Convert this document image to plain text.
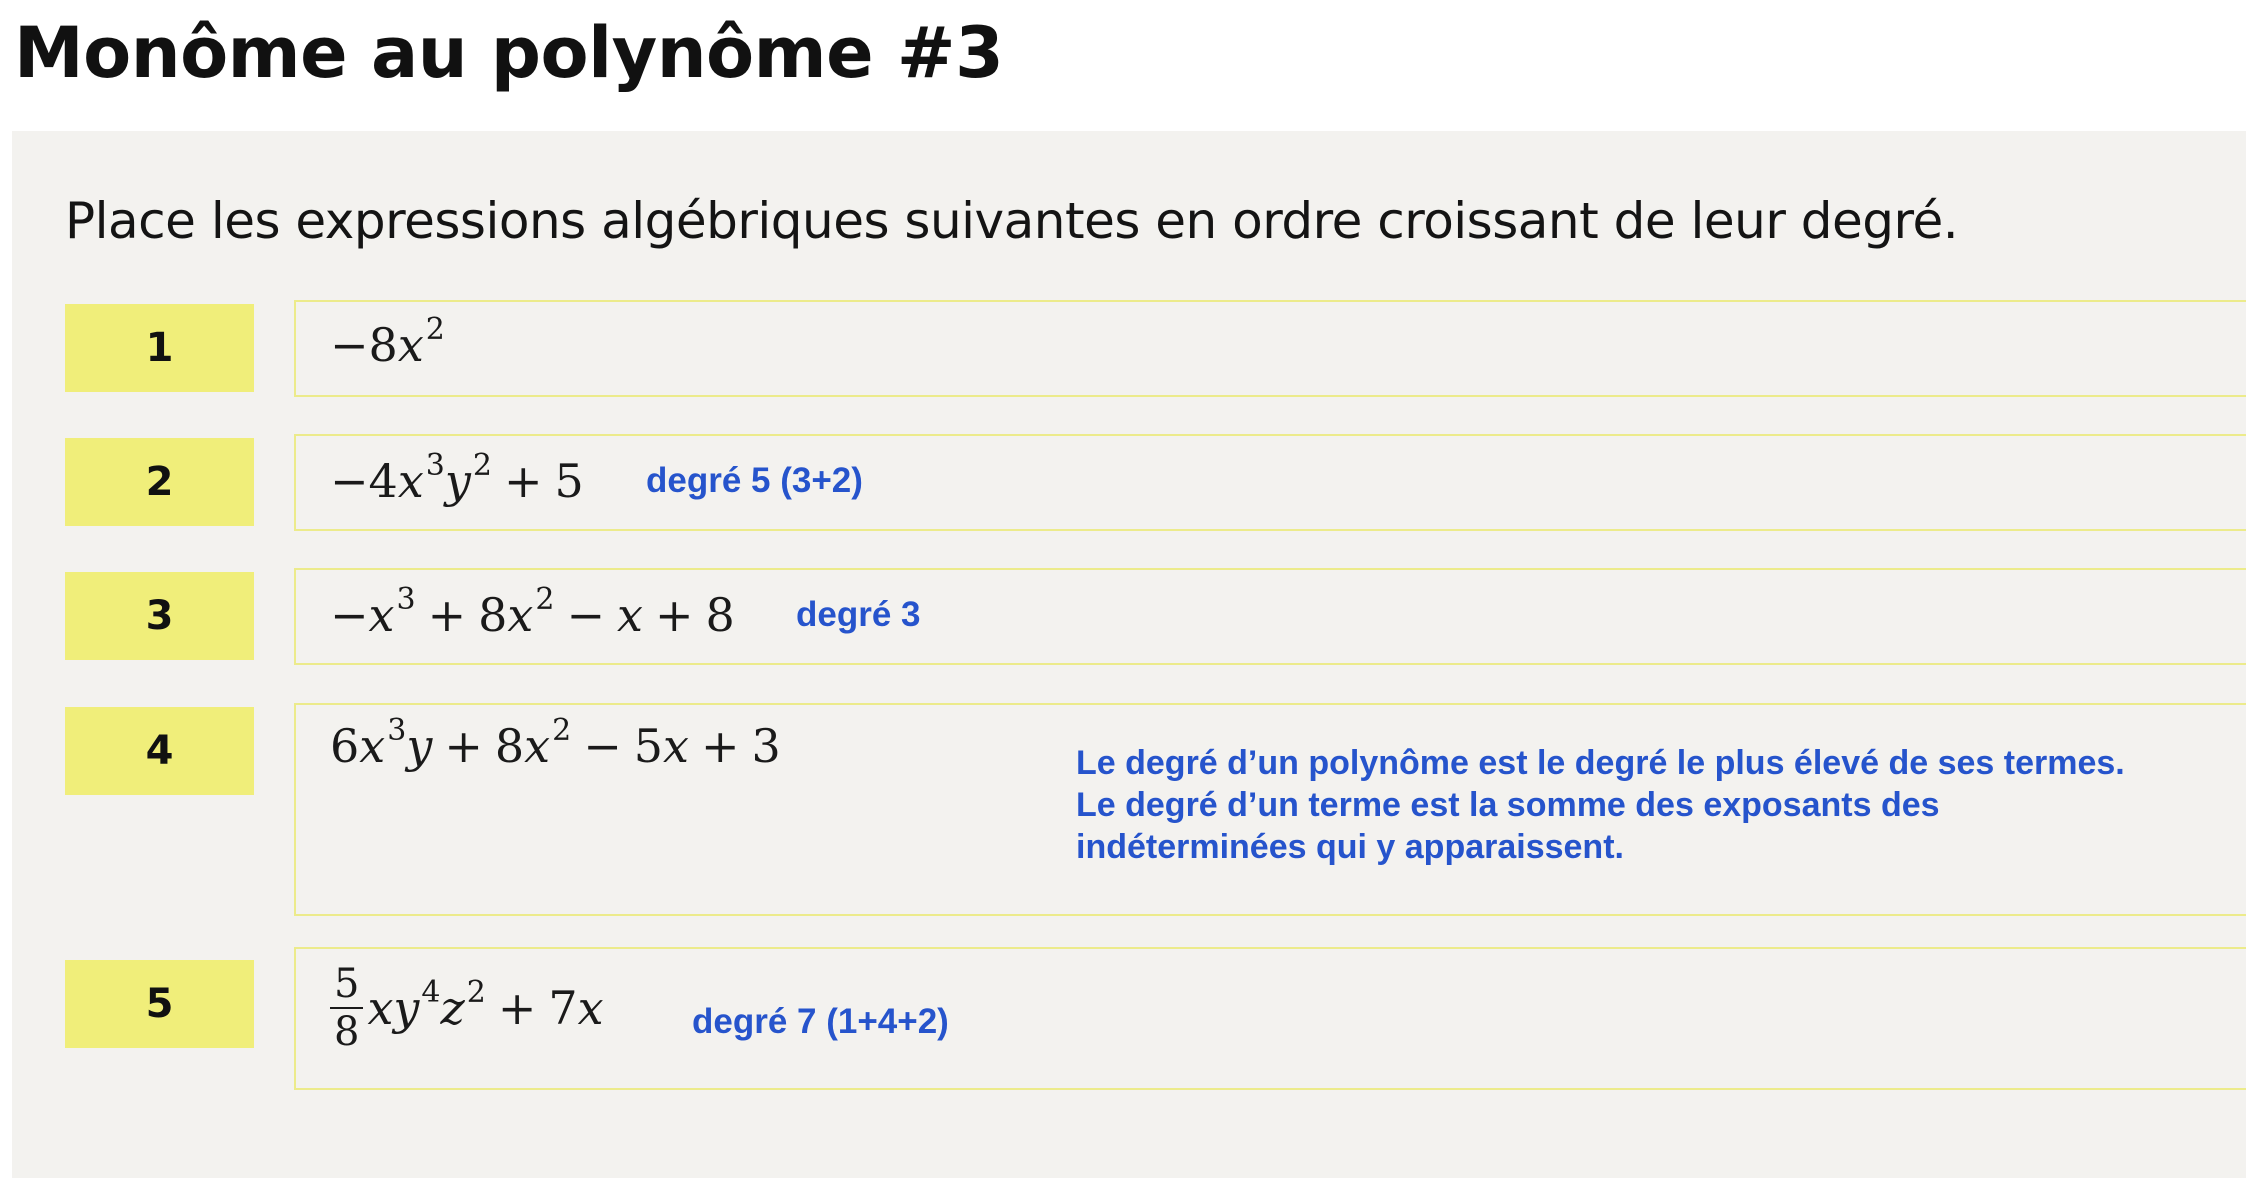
Monôme au polynôme #3

Place les expressions algébriques suivantes en ordre croissant de leur degré.

1	$-8x^2$
2	$-4x^3y^2 + 5$ degré 5 (3+2)
3	$-x^3 + 8x^2 - x + 8$ degré 3
4	$6x^3y + 8x^2 - 5x + 3$	Le degré d’un polynôme est le degré le plus élevé de ses termes.
Le degré d’un terme est la somme des exposants des
indéterminées qui y apparaissent.
5	$\frac{5}{8} xy^4z^2 + 7x$	degré 7 (1+4+2)
